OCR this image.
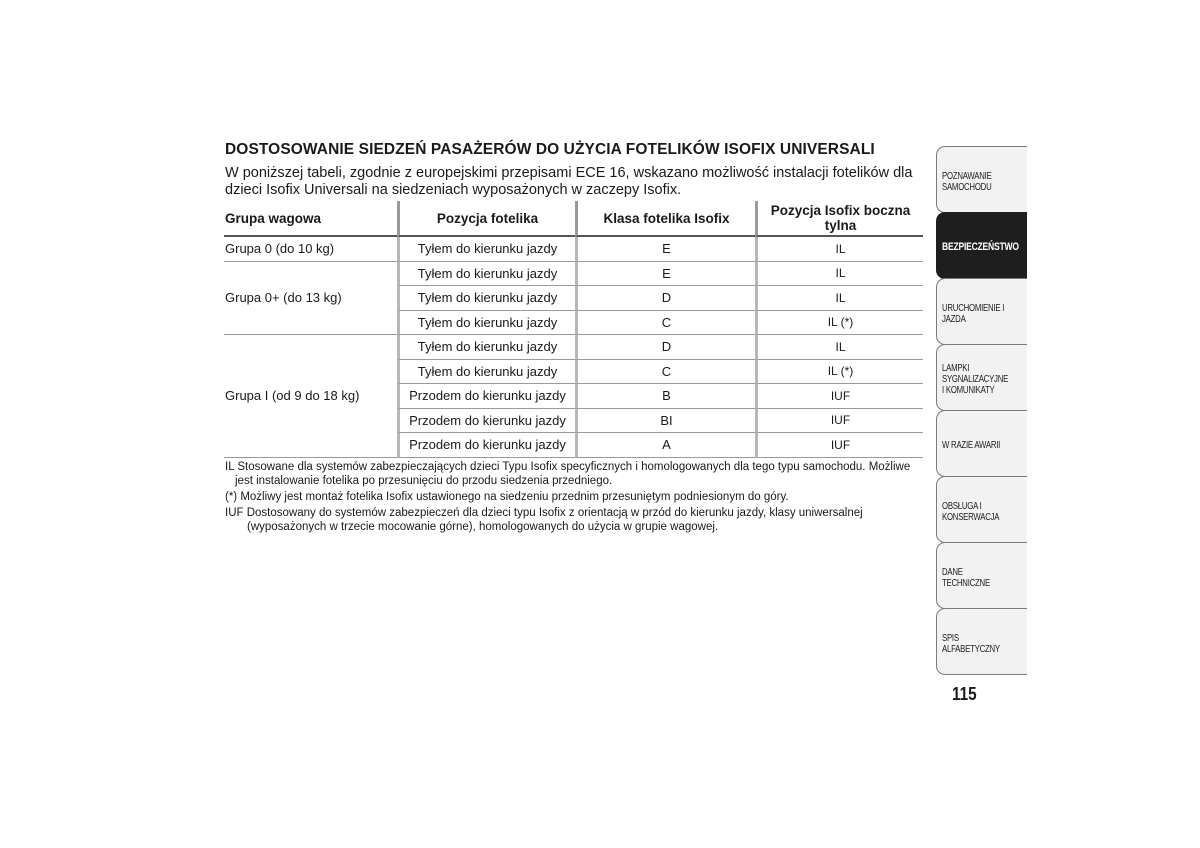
DOSTOSOWANIE SIEDZEŃ PASAŻERÓW DO UŻYCIA FOTELIKÓW ISOFIX UNIVERSALI
W poniższej tabeli, zgodnie z europejskimi przepisami ECE 16, wskazano możliwość instalacji fotelików dla dzieci Isofix Universali na siedzeniach wyposażonych w zaczepy Isofix.
Grupa wagowa	Pozycja fotelika	Klasa fotelika Isofix	Pozycja Isofix boczna tylna
Grupa 0 (do 10 kg)	Tyłem do kierunku jazdy	E	IL
Grupa 0+ (do 13 kg)	Tyłem do kierunku jazdy	E	IL
	Tyłem do kierunku jazdy	D	IL
	Tyłem do kierunku jazdy	C	IL (*)
Grupa I (od 9 do 18 kg)	Tyłem do kierunku jazdy	D	IL
	Tyłem do kierunku jazdy	C	IL (*)
	Przodem do kierunku jazdy	B	IUF
	Przodem do kierunku jazdy	BI	IUF
	Przodem do kierunku jazdy	A	IUF

IL Stosowane dla systemów zabezpieczających dzieci Typu Isofix specyficznych i homologowanych dla tego typu samochodu. Możliwe
jest instalowanie fotelika po przesunięciu do przodu siedzenia przedniego.

(*) Możliwy jest montaż fotelika Isofix ustawionego na siedzeniu przednim przesuniętym podniesionym do góry.

IUF Dostosowany do systemów zabezpieczeń dla dzieci typu Isofix z orientacją w przód do kierunku jazdy, klasy uniwersalnej
(wyposażonych w trzecie mocowanie górne), homologowanych do użycia w grupie wagowej.

POZNAWANIE SAMOCHODU
BEZPIECZEŃSTWO
URUCHOMIENIE I JAZDA
LAMPKI SYGNALIZACYJNE I KOMUNIKATY
W RAZIE AWARII
OBSŁUGA I KONSERWACJA
DANE TECHNICZNE
SPIS ALFABETYCZNY
115
